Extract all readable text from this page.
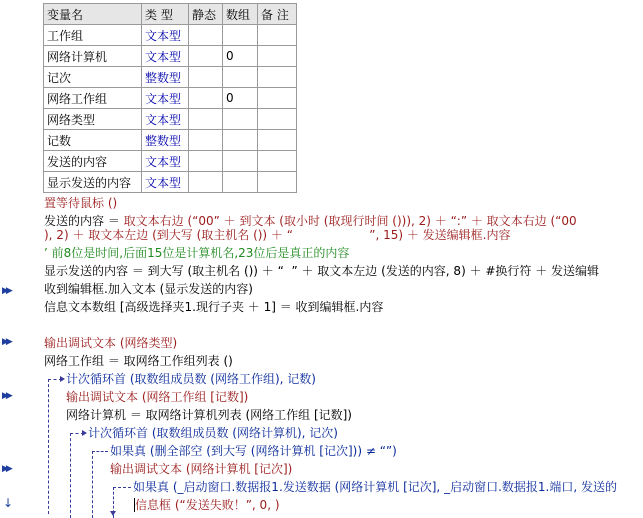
▶▶
▶▶
▶▶
▶▶
↓
变量名	类 型	静态	数组	备 注
工作组	文本型			
网络计算机	文本型		0	
记次	整数型			
网络工作组	文本型		0	
网络类型	文本型			
记数	整数型			
发送的内容	文本型			
显示发送的内容	文本型			
置等待鼠标 ()
发送的内容 ＝ 取文本右边 (“00” ＋ 到文本 (取小时 (取现行时间 ())), 2) ＋ “:” ＋ 取文本右边 (“00
), 2) ＋ 取文本左边 (到大写 (取主机名 ()) ＋ “                    ”, 15) ＋ 发送编辑框.内容
’ 前8位是时间,后面15位是计算机名,23位后是真正的内容
显示发送的内容 ＝ 到大写 (取主机名 ()) ＋ “  ” ＋ 取文本左边 (发送的内容, 8) ＋ #换行符 ＋ 发送编辑
收到编辑框.加入文本 (显示发送的内容)
信息文本数组 [高级选择夹1.现行子夹 ＋ 1] ＝ 收到编辑框.内容
输出调试文本 (网络类型)
网络工作组 ＝ 取网络工作组列表 ()
计次循环首 (取数组成员数 (网络工作组), 记数)
输出调试文本 (网络工作组 [记数])
网络计算机 ＝ 取网络计算机列表 (网络工作组 [记数])
计次循环首 (取数组成员数 (网络计算机), 记次)
如果真 (删全部空 (到大写 (网络计算机 [记次])) ≠ “”)
输出调试文本 (网络计算机 [记次])
如果真 (_启动窗口.数据报1.发送数据 (网络计算机 [记次], _启动窗口.数据报1.端口, 发送的
信息框 (“发送失败！”, 0, )
